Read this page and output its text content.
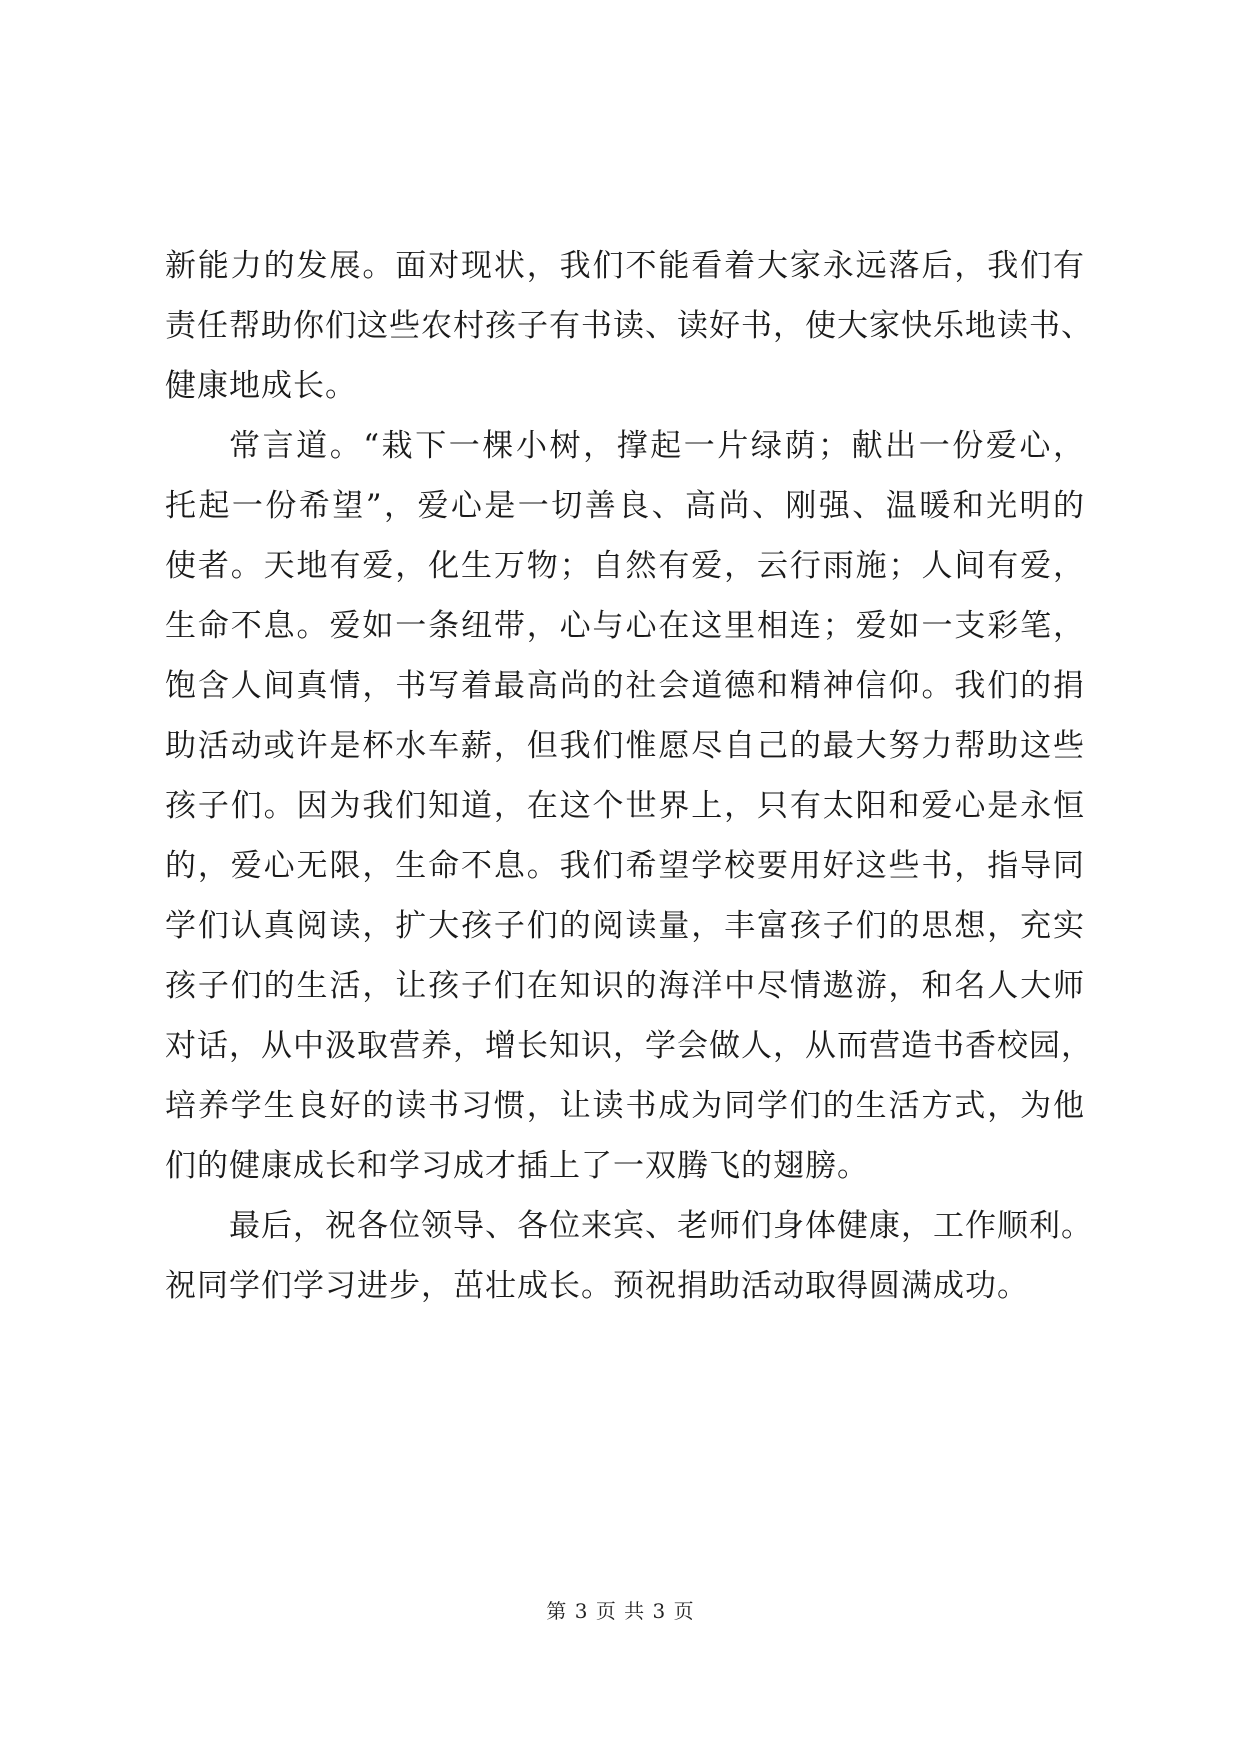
新能力的发展。面对现状，我们不能看着大家永远落后，我们有
责任帮助你们这些农村孩子有书读、读好书，使大家快乐地读书、
健康地成长。
常言道。“栽下一棵小树，撑起一片绿荫；献出一份爱心，
托起一份希望”，爱心是一切善良、高尚、刚强、温暖和光明的
使者。天地有爱，化生万物；自然有爱，云行雨施；人间有爱，
生命不息。爱如一条纽带，心与心在这里相连；爱如一支彩笔，
饱含人间真情，书写着最高尚的社会道德和精神信仰。我们的捐
助活动或许是杯水车薪，但我们惟愿尽自己的最大努力帮助这些
孩子们。因为我们知道，在这个世界上，只有太阳和爱心是永恒
的，爱心无限，生命不息。我们希望学校要用好这些书，指导同
学们认真阅读，扩大孩子们的阅读量，丰富孩子们的思想，充实
孩子们的生活，让孩子们在知识的海洋中尽情遨游，和名人大师
对话，从中汲取营养，增长知识，学会做人，从而营造书香校园，
培养学生良好的读书习惯，让读书成为同学们的生活方式，为他
们的健康成长和学习成才插上了一双腾飞的翅膀。
最后，祝各位领导、各位来宾、老师们身体健康，工作顺利。
祝同学们学习进步，茁壮成长。预祝捐助活动取得圆满成功。
第 3 页 共 3 页
